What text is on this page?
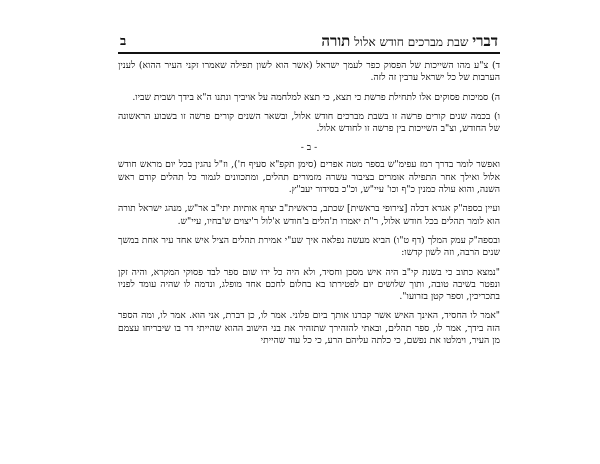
דברי שבת מברכים חודש אלול תורה
ב

ד) צ"ע מהו השייכות של הפסוק כפר לעמך ישראל (אשר הוא לשון תפילה שאמרו זקני העיר ההוא) לענין הערבות של כל ישראל ערבין זה לזה.

ה) סמיכות פסוקים אלו לתחילת פרשת כי תצא, כי תצא למלחמה על אויביך ונתנו ה"א בידך ושבית שביו.

ו) בכמה שנים קורים פרשה זו בשבת מברכים חודש אלול, ובשאר השנים קורים פרשה זו בשבוע הראשונה של החודש, וצ"ב השייכות בין פרשה זו לחודש אלול.

- ב -

ואפשר לומר בדרך רמז עפימ"ש בספר מטה אפרים (סימן תקפ"א סעיף ח'), וז"ל נהגין בכל יום מראש חודש אלול ואילך אחר התפילה אומרים בציבור עשרה מזמורים תהלים, ומתכוונים לגמור כל תהלים קודם ראש השנה, והוא עולה כמנין כ"ף וכו' עיי"ש, וכ"כ בסידור יעב"ץ.

ועיין בספה"ק אגרא דכלה [צירופי בראשית] שכתב, בראשית"ב יצרף אותיות יתי"ב אר"ש, מנהג ישראל תורה הוא לומר תהלים בכל חודש אלול, ר"ת יאמרו ת'הלים ב'חודש א'לול ר'יצוים ש'בחיו, עיי"ש.

ובספה"ק עמק המלך (דף ט"ו) הביא מעשה נפלאה איך שע"י אמירת תהלים הציל איש אחד עיר אחת במשך שנים הרבה, וזה לשון קדשו:

"נמצא כתוב כי בשנת קי"ב היה איש מסכן וחסיד, ולא היה כל ידו שום ספר לבד פסוקי המקרא, והיה זקן ונפטר בשיבה טובה, ותוך שלושים יום לפטירתו בא בחלום לחכם אחד מופלג, ונדמה לו שהיה עומד לפניו בתכריכין, וספר קטן בזרועו".

"אמר לו החסיד, האינך האיש אשר קברנו אותך ביום פלוני. אמר לו, כן דברת, אני הוא. אמר לו, ומה הספר הזה בידך, אמר לו, ספר תהלים, ובאתי להזהירך שתזהיר את בני הישוב ההוא שהייתי דר בו שיבריחו עצמם מן העיר, וימלטו את נפשם, כי כלתה עליהם הרע, כי כל עוד שהייתי
